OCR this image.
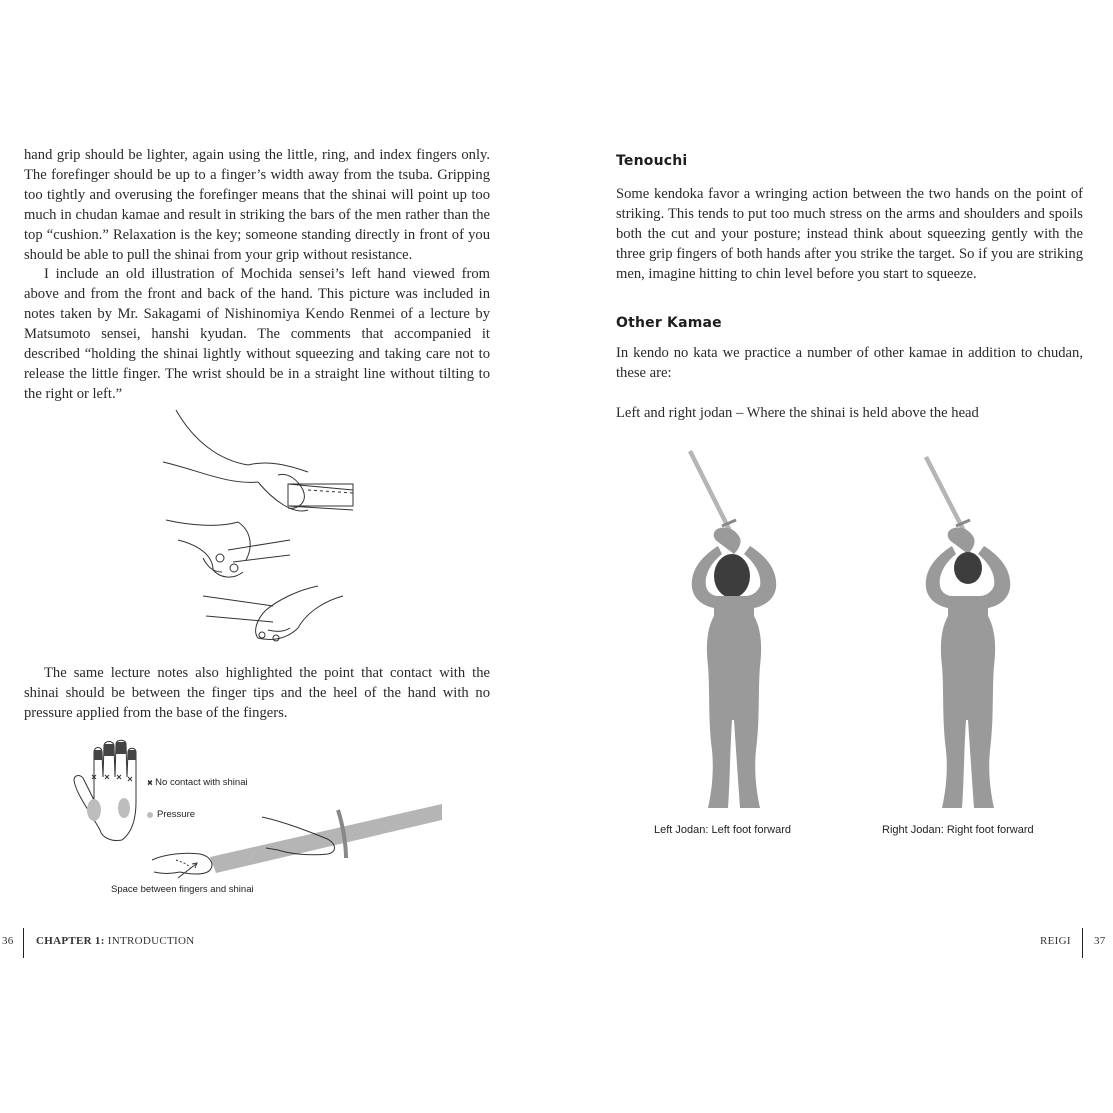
hand grip should be lighter, again using the little, ring, and index fingers only. The forefinger should be up to a finger’s width away from the tsuba. Gripping too tightly and overusing the forefinger means that the shinai will point up too much in chudan kamae and result in striking the bars of the men rather than the top “cushion.” Relaxation is the key; someone standing directly in front of you should be able to pull the shinai from your grip without resistance.

I include an old illustration of Mochida sensei’s left hand viewed from above and from the front and back of the hand. This picture was included in notes taken by Mr. Sakagami of Nishinomiya Kendo Renmei of a lecture by Matsumoto sensei, hanshi kyudan. The comments that accompanied it described “holding the shinai lightly without squeezing and taking care not to release the little finger. The wrist should be in a straight line without tilting to the right or left.”

The same lecture notes also highlighted the point that contact with the shinai should be between the finger tips and the heel of the hand with no pressure applied from the base of the fingers.

× No contact with shinai
Pressure
Space between fingers and shinai
36 CHAPTER 1: INTRODUCTION
Tenouchi

Some kendoka favor a wringing action between the two hands on the point of striking. This tends to put too much stress on the arms and shoulders and spoils both the cut and your posture; instead think about squeezing gently with the three grip fingers of both hands after you strike the target. So if you are striking men, imagine hitting to chin level before you start to squeeze.

Other Kamae

In kendo no kata we practice a number of other kamae in addition to chudan, these are:

Left and right jodan – Where the shinai is held above the head

Left Jodan: Left foot forward	Right Jodan: Right foot forward
REIGI 37
